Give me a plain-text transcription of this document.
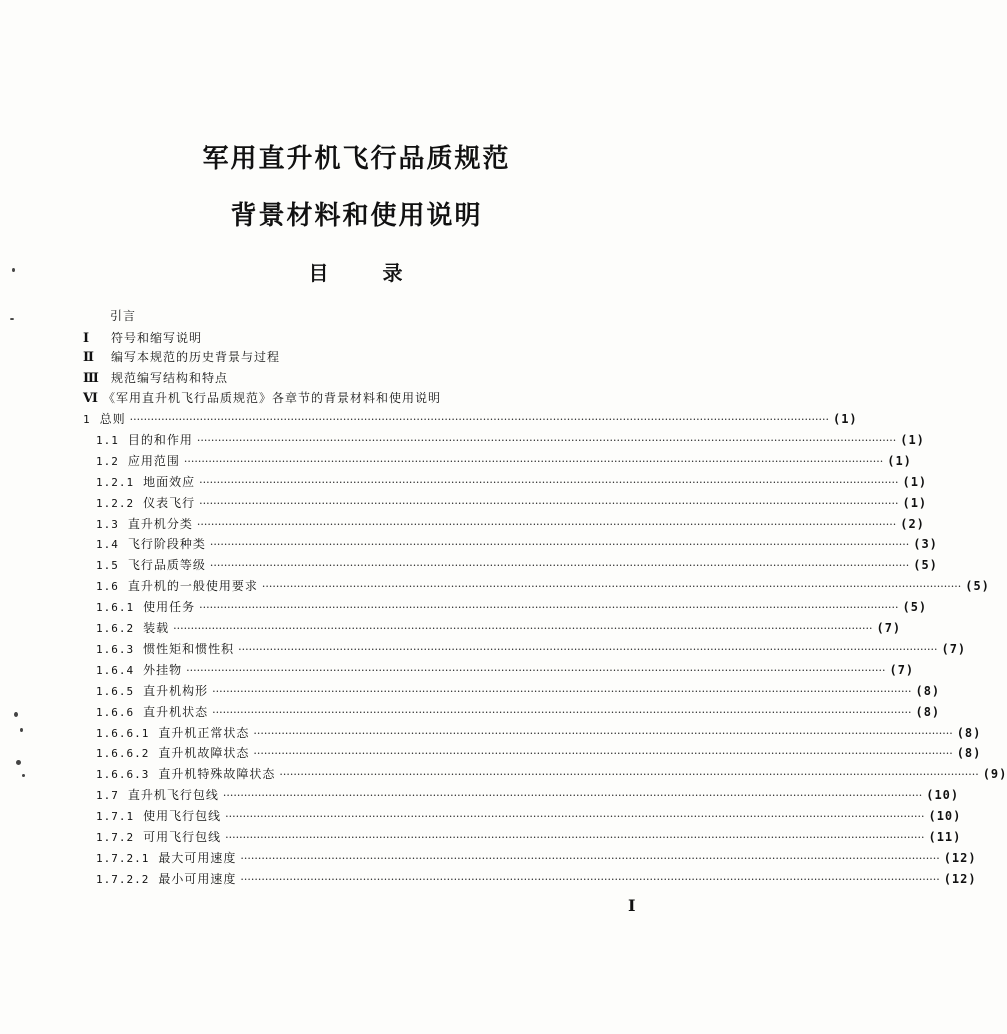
军用直升机飞行品质规范
背景材料和使用说明
目	录
引言
Ⅰ 符号和缩写说明
Ⅱ 编写本规范的历史背景与过程
Ⅲ 规范编写结构和特点
Ⅵ 《军用直升机飞行品质规范》各章节的背景材料和使用说明
1 总则 ········································································································································································································ (1)
1.1 目的和作用 ········································································································································································································ (1)
1.2 应用范围 ········································································································································································································ (1)
1.2.1 地面效应 ········································································································································································································ (1)
1.2.2 仪表飞行 ········································································································································································································ (1)
1.3 直升机分类 ········································································································································································································ (2)
1.4 飞行阶段种类 ········································································································································································································ (3)
1.5 飞行品质等级 ········································································································································································································ (5)
1.6 直升机的一般使用要求 ········································································································································································································ (5)
1.6.1 使用任务 ········································································································································································································ (5)
1.6.2 装载 ········································································································································································································ (7)
1.6.3 惯性矩和惯性积 ········································································································································································································ (7)
1.6.4 外挂物 ········································································································································································································ (7)
1.6.5 直升机构形 ········································································································································································································ (8)
1.6.6 直升机状态 ········································································································································································································ (8)
1.6.6.1 直升机正常状态 ········································································································································································································ (8)
1.6.6.2 直升机故障状态 ········································································································································································································ (8)
1.6.6.3 直升机特殊故障状态 ········································································································································································································ (9)
1.7 直升机飞行包线 ········································································································································································································ (10)
1.7.1 使用飞行包线 ········································································································································································································ (10)
1.7.2 可用飞行包线 ········································································································································································································ (11)
1.7.2.1 最大可用速度 ········································································································································································································ (12)
1.7.2.2 最小可用速度 ········································································································································································································ (12)
I
